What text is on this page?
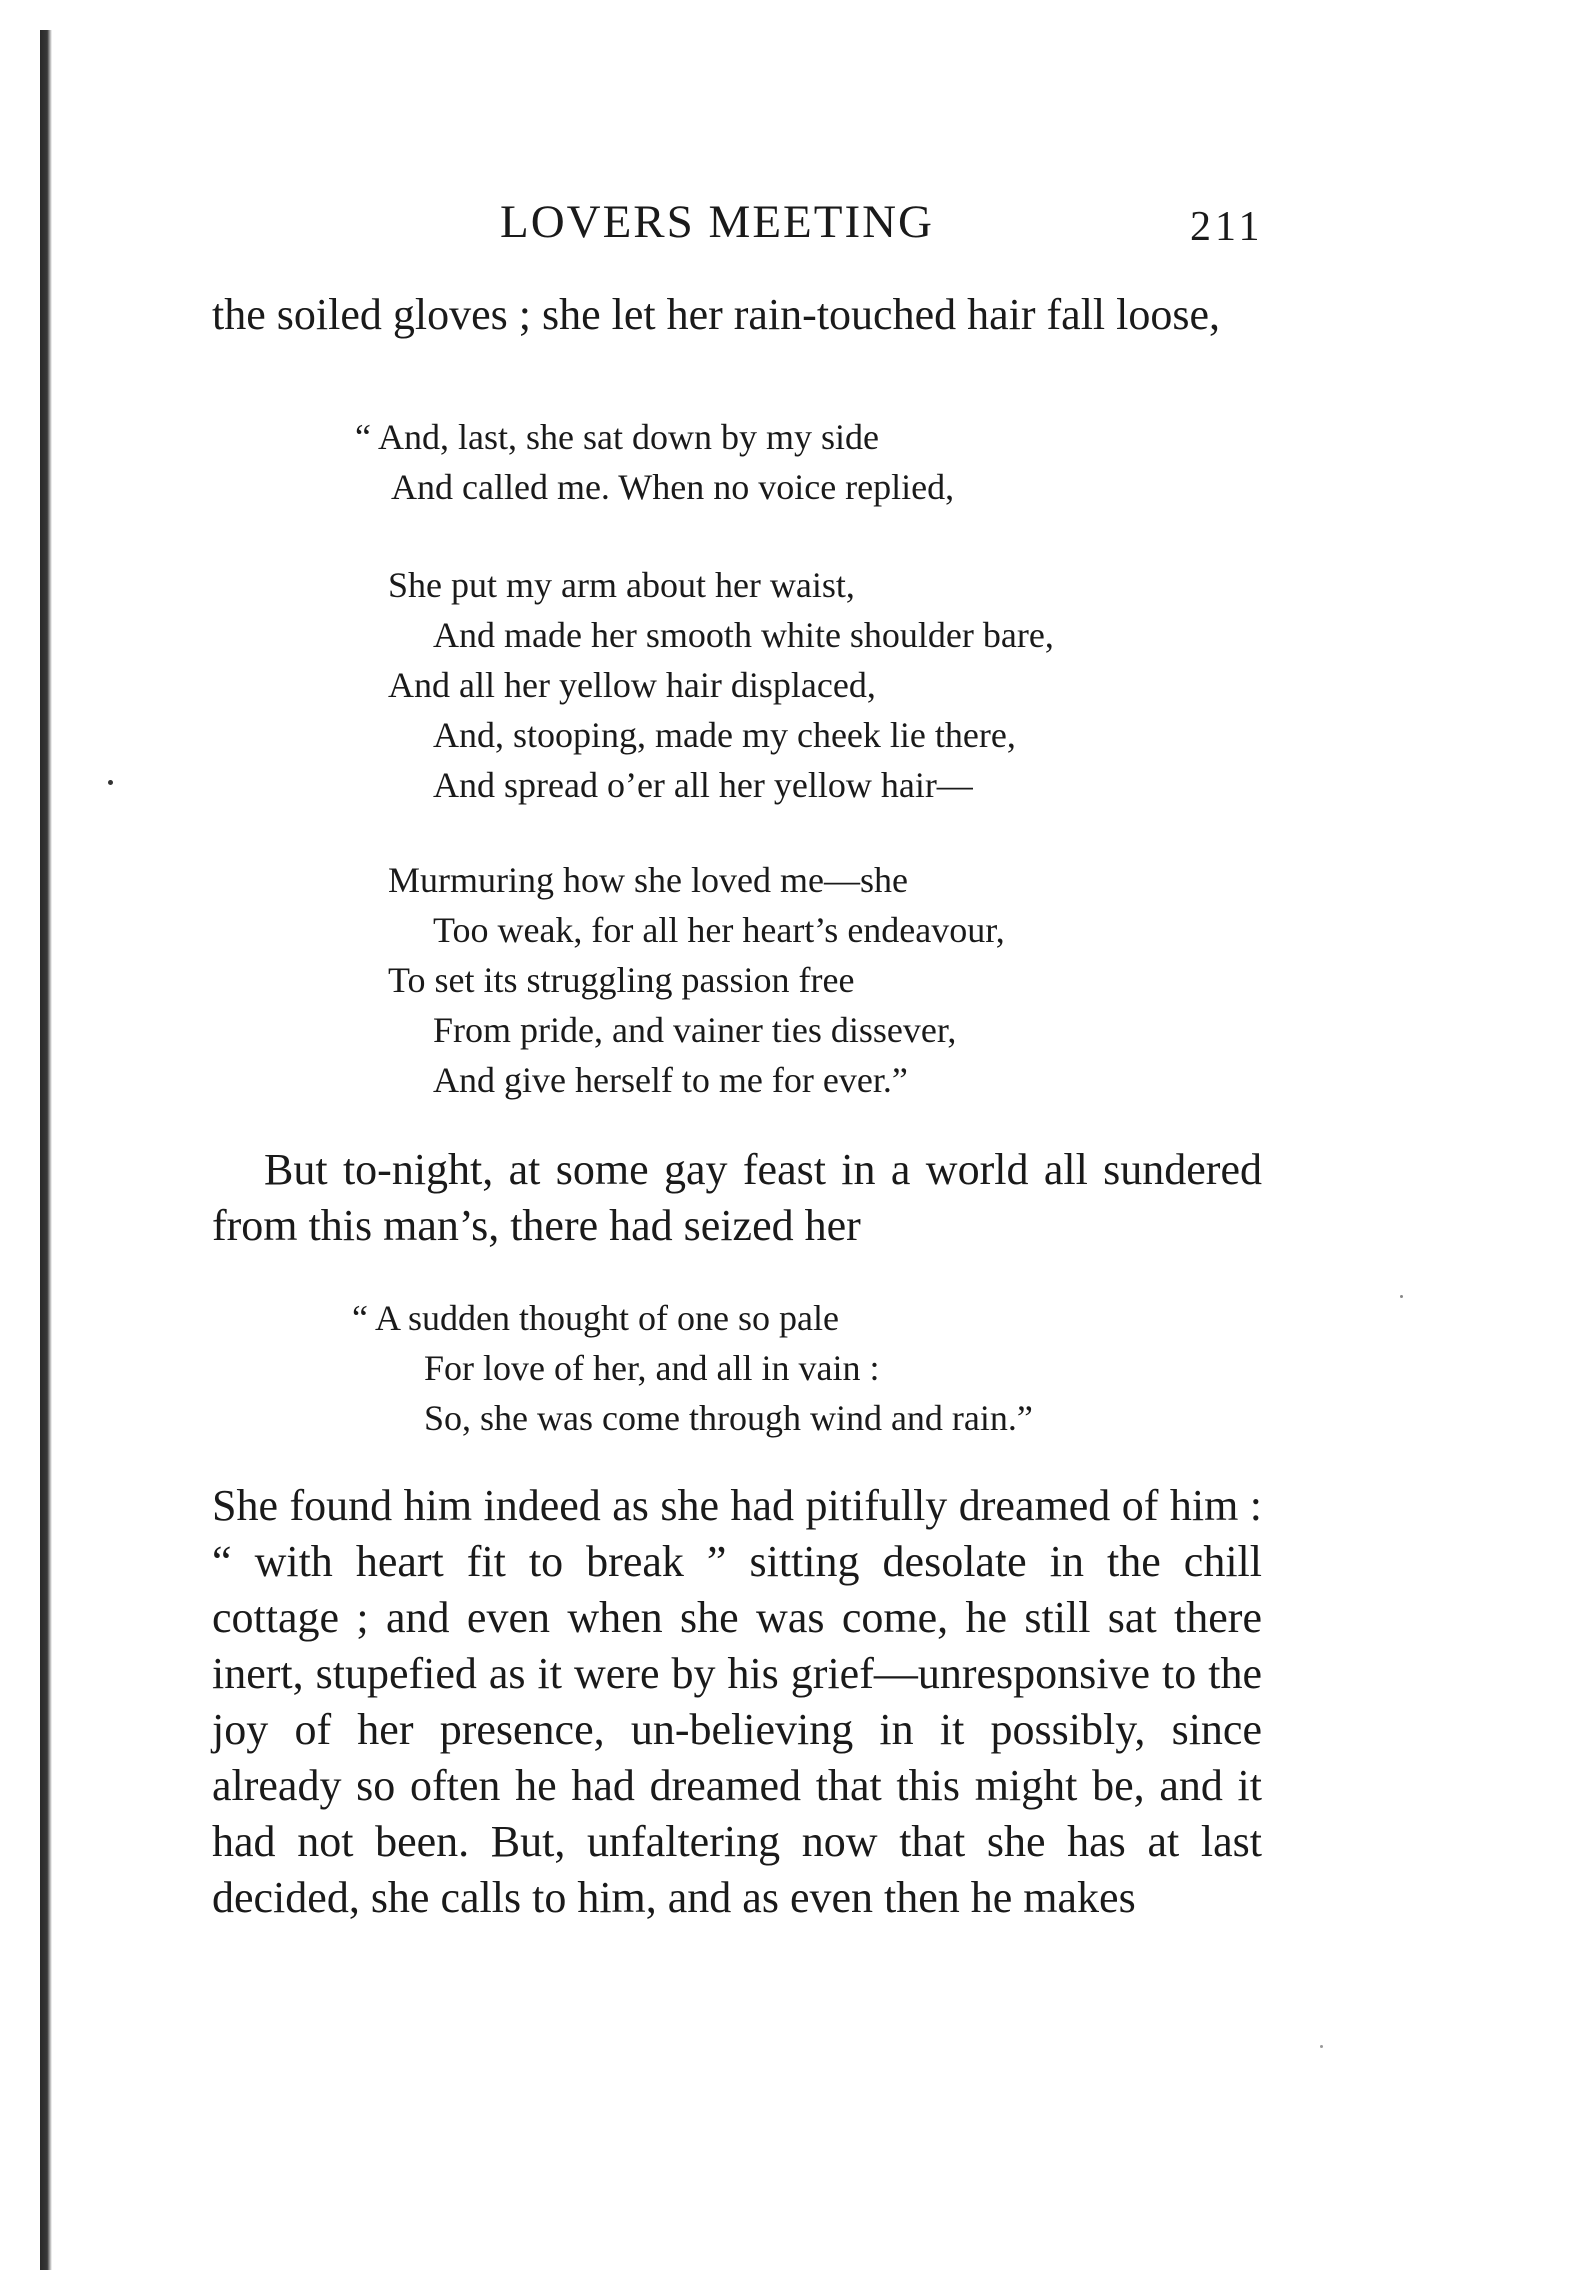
LOVERS MEETING	211

the soiled gloves ; she let her rain-touched hair fall loose,

“ And, last, she sat down by my side
And called me. When no voice replied,
She put my arm about her waist,
And made her smooth white shoulder bare,
And all her yellow hair displaced,
And, stooping, made my cheek lie there,
And spread o’er all her yellow hair—
Murmuring how she loved me—she
Too weak, for all her heart’s endeavour,
To set its struggling passion free
From pride, and vainer ties dissever,
And give herself to me for ever.”

But to-night, at some gay feast in a world all sundered from this man’s, there had seized her

“ A sudden thought of one so pale
For love of her, and all in vain :
So, she was come through wind and rain.”

She found him indeed as she had pitifully dreamed of him : “ with heart fit to break ” sitting desolate in the chill cottage ; and even when she was come, he still sat there inert, stupefied as it were by his grief—unresponsive to the joy of her presence, un-believing in it possibly, since already so often he had dreamed that this might be, and it had not been. But, unfaltering now that she has at last decided, she calls to him, and as even then he makes
